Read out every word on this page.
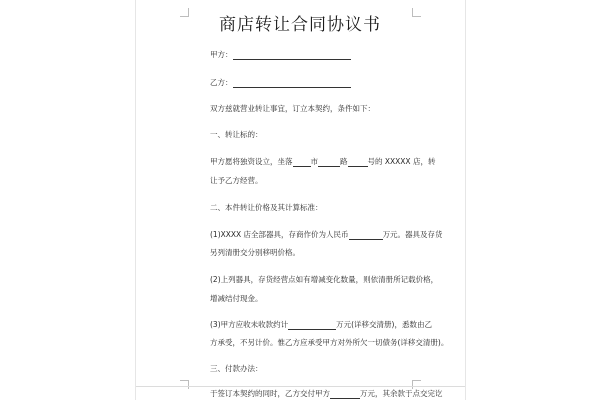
商店转让合同协议书
甲方：
乙方：
双方兹就营业转让事宜，订立本契约，条件如下：
一、转让标的：
甲方愿将独资设立，坐落 市	路	号的 XXXXX 店，转
让予乙方经营。
二、本件转让价格及其计算标准：
(1)XXXX 店全部器具，存商作价为人民币	万元。器具及存货
另列清册交分别移明价格。
(2)上列器具，存货经营点如有增减变化数量，则依清册所记载价格，
增减结付现金。
(3)甲方应收未收款约计	万元(详移交清册)，悉数由乙
方承受，不另计价。惟乙方应承受甲方对外所欠一切债务(详移交清册)。
三、付款办法：
于签订本契约的同时，乙方交付甲方	万元，其余款于点交完讫
